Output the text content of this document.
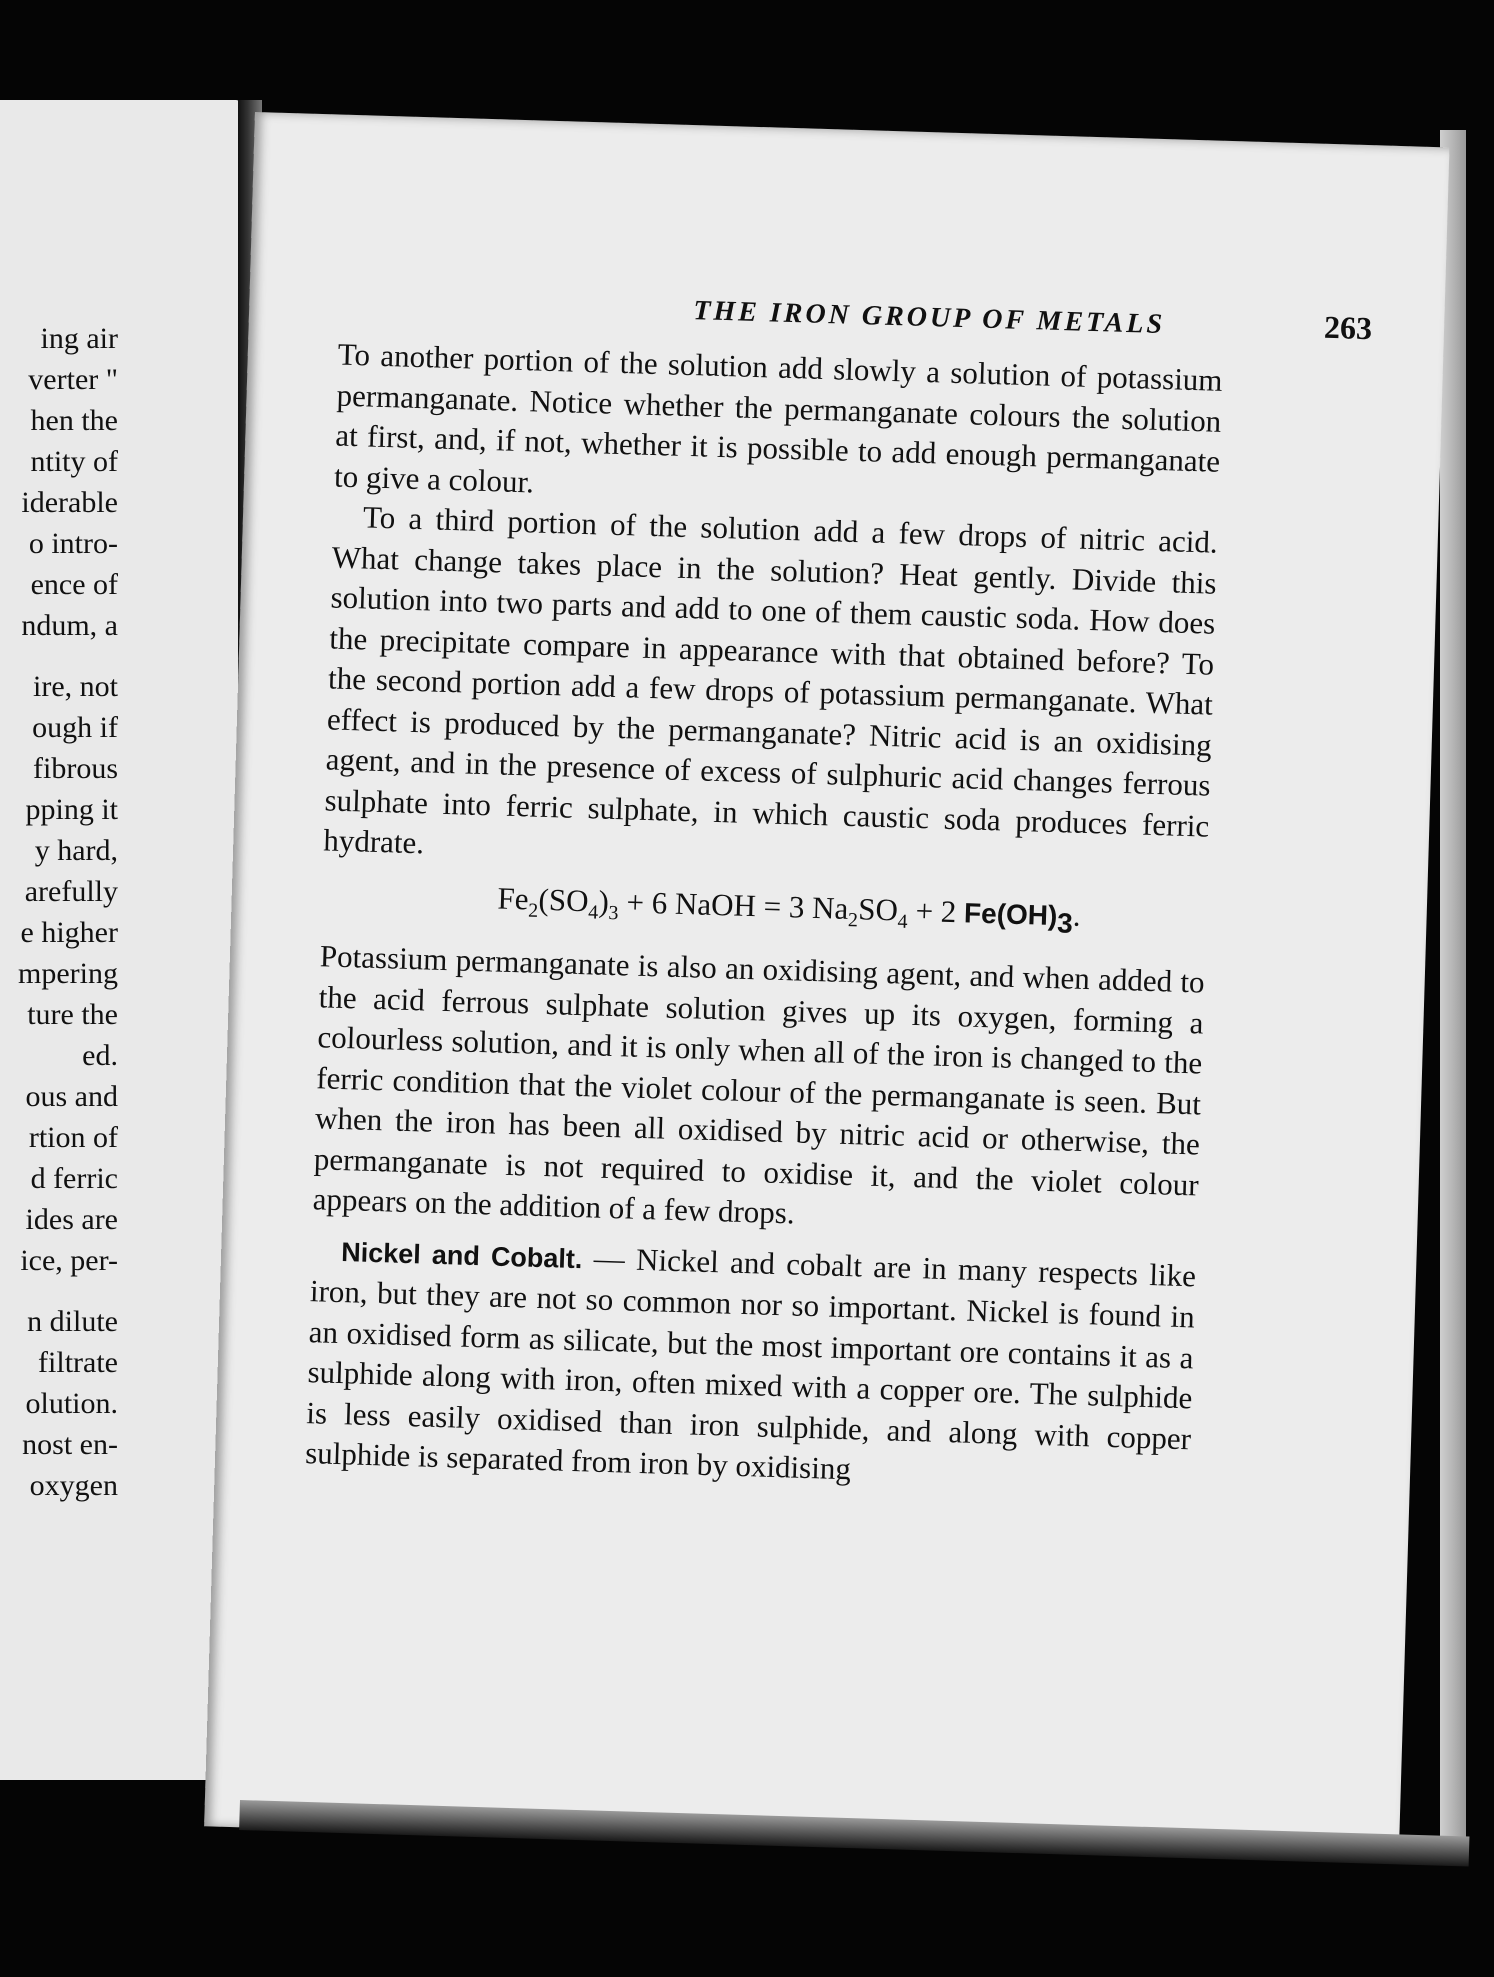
ing air
verter "
hen the
ntity of
iderable
o intro-
ence of
ndum, a
ire, not
ough if
fibrous
pping it
y hard,
arefully
e higher
mpering
ture the
ed.
ous and
rtion of
d ferric
ides are
ice, per-
n dilute
filtrate
olution.
nost en-
oxygen
THE IRON GROUP OF METALS	263

To another portion of the solution add slowly a solution of potassium permanganate. Notice whether the permanganate colours the solution at first, and, if not, whether it is possible to add enough permanganate to give a colour.

To a third portion of the solution add a few drops of nitric acid. What change takes place in the solution? Heat gently. Divide this solution into two parts and add to one of them caustic soda. How does the precipitate compare in appearance with that obtained before? To the second portion add a few drops of potassium permanganate. What effect is produced by the permanganate? Nitric acid is an oxidising agent, and in the presence of excess of sulphuric acid changes ferrous sulphate into ferric sulphate, in which caustic soda produces ferric hydrate.

$Fe_2(SO_4)_3 + 6$ NaOH = 3 $Na_2SO_4 + 2$ $Fe(OH)_3$.

Potassium permanganate is also an oxidising agent, and when added to the acid ferrous sulphate solution gives up its oxygen, forming a colourless solution, and it is only when all of the iron is changed to the ferric condition that the violet colour of the permanganate is seen. But when the iron has been all oxidised by nitric acid or otherwise, the permanganate is not required to oxidise it, and the violet colour appears on the addition of a few drops.

Nickel and Cobalt. — Nickel and cobalt are in many respects like iron, but they are not so common nor so important. Nickel is found in an oxidised form as silicate, but the most important ore contains it as a sulphide along with iron, often mixed with a copper ore. The sulphide is less easily oxidised than iron sulphide, and along with copper sulphide is separated from iron by oxidising
